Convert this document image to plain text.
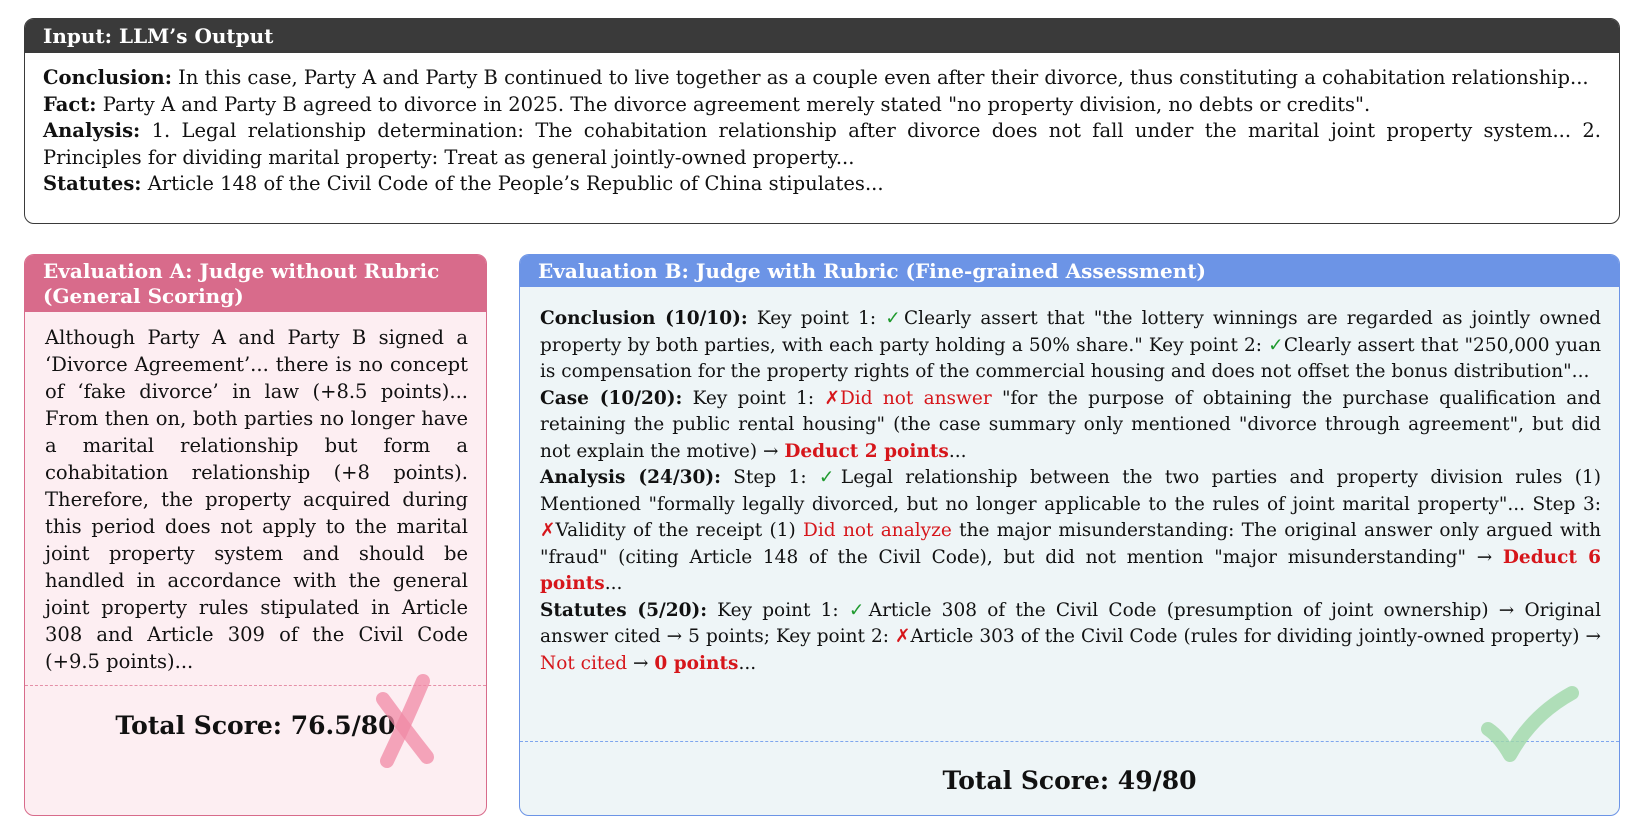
Input: LLM’s Output
Conclusion: In this case, Party A and Party B continued to live together as a couple even after their divorce, thus constituting a cohabitation relationship...
Fact: Party A and Party B agreed to divorce in 2025. The divorce agreement merely stated "no property division, no debts or credits".
Analysis: 1. Legal relationship determination: The cohabitation relationship after divorce does not fall under the marital joint property system... 2. Principles for dividing marital property: Treat as general jointly-owned property...
Statutes: Article 148 of the Civil Code of the People’s Republic of China stipulates...
Evaluation A: Judge without Rubric (General Scoring)
Although Party A and Party B signed a ‘Divorce Agreement’... there is no concept of ‘fake divorce’ in law (+8.5 points)... From then on, both parties no longer have a marital relationship but form a cohabitation relationship (+8 points). Therefore, the property acquired during this period does not apply to the marital joint property system and should be handled in accordance with the general joint property rules stipulated in Article 308 and Article 309 of the Civil Code (+9.5 points)...
Total Score: 76.5/80
Evaluation B: Judge with Rubric (Fine-grained Assessment)
Conclusion (10/10): Key point 1: ✓Clearly assert that "the lottery winnings are regarded as jointly owned property by both parties, with each party holding a 50% share." Key point 2: ✓Clearly assert that "250,000 yuan is compensation for the property rights of the commercial housing and does not offset the bonus distribution"...
Case (10/20): Key point 1: ✗Did not answer "for the purpose of obtaining the purchase qualification and retaining the public rental housing" (the case summary only mentioned "divorce through agreement", but did not explain the motive) → Deduct 2 points...
Analysis (24/30): Step 1: ✓Legal relationship between the two parties and property division rules (1) Mentioned "formally legally divorced, but no longer applicable to the rules of joint marital property"... Step 3: ✗Validity of the receipt (1) Did not analyze the major misunderstanding: The original answer only argued with "fraud" (citing Article 148 of the Civil Code), but did not mention "major misunderstanding" → Deduct 6 points...
Statutes (5/20): Key point 1: ✓Article 308 of the Civil Code (presumption of joint ownership) → Original answer cited → 5 points; Key point 2: ✗Article 303 of the Civil Code (rules for dividing jointly-owned property) → Not cited → 0 points...
Total Score: 49/80
